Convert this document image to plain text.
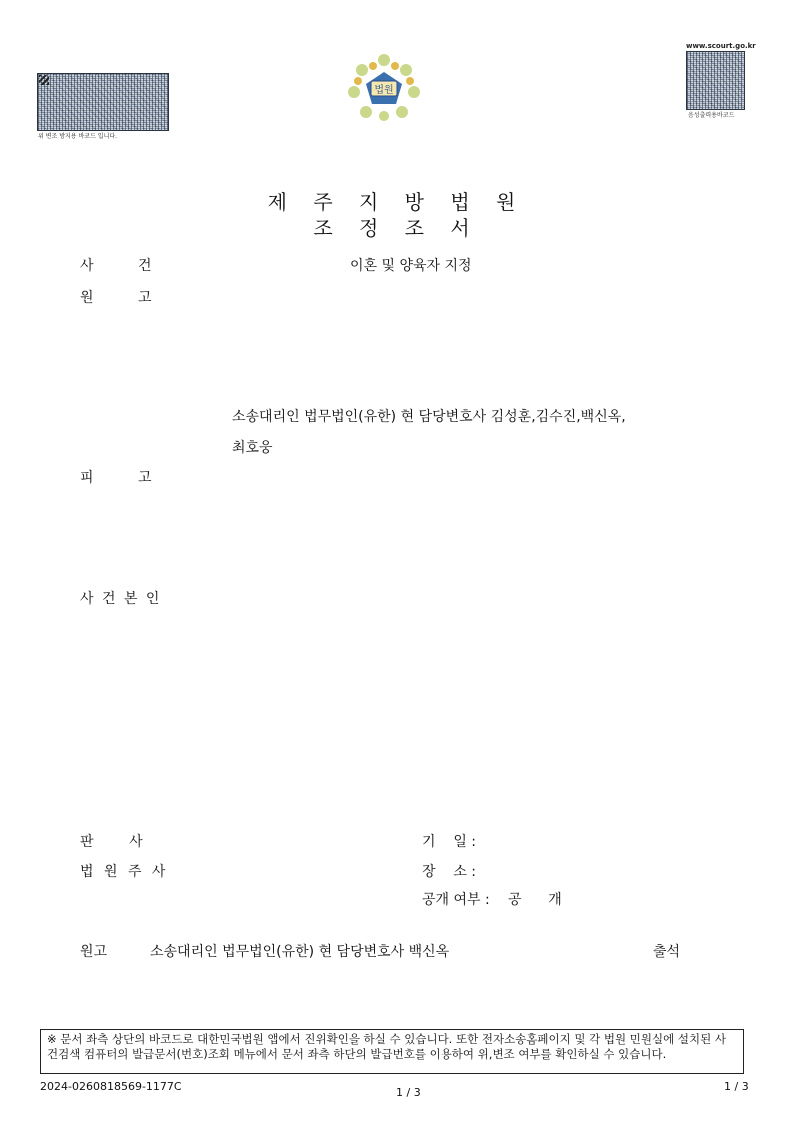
위 변조 방지용 바코드 입니다.
법원
www.scourt.go.kr
음성출력용바코드
제 주 지 방 법 원
조 정 조 서
사          건	이혼 및 양육자 지정
원          고
소송대리인 법무법인(유한) 현 담당변호사 김성훈,김수진,백신옥,
최호웅
피          고
사 건 본 인
판        사
법 원 주 사
기    일 :
장    소 :
공개 여부 : 공      개
원고	소송대리인 법무법인(유한) 현 담당변호사 백신옥	출석
※ 문서 좌측 상단의 바코드로 대한민국법원 앱에서 진위확인을 하실 수 있습니다. 또한 전자소송홈페이지 및 각 법원 민원실에 설치된 사건검색 컴퓨터의 발급문서(번호)조회 메뉴에서 문서 좌측 하단의 발급번호를 이용하여 위,변조 여부를 확인하실 수 있습니다.
2024-0260818569-1177C	1 / 3	1 / 3
